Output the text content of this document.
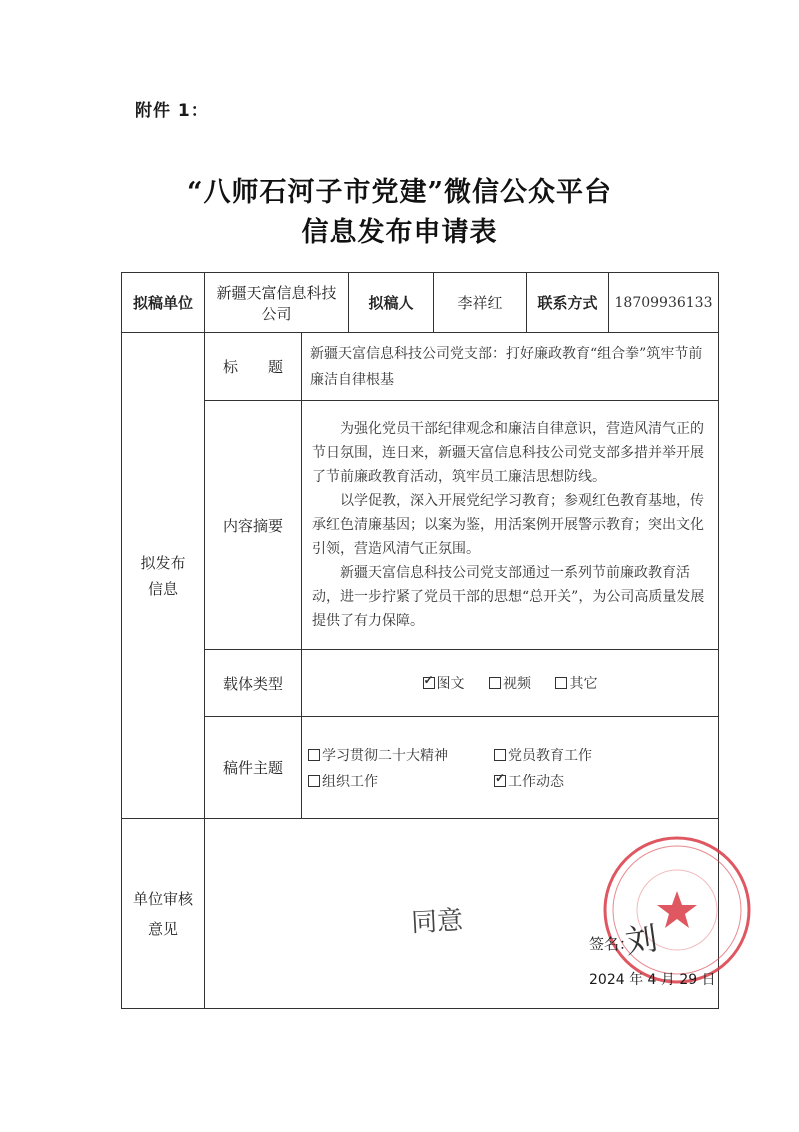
附件 1：
“八师石河子市党建”微信公众平台
信息发布申请表
拟稿单位	新疆天富信息科技公司		拟稿人	李祥红	联系方式	18709936133

拟发布信息	标　　题	新疆天富信息科技公司党支部：打好廉政教育“组合拳”筑牢节前廉洁自律根基				
	内容摘要	为强化党员干部纪律观念和廉洁自律意识，营造风清气正的节日氛围，连日来，新疆天富信息科技公司党支部多措并举开展了节前廉政教育活动，筑牢员工廉洁思想防线。

以学促教，深入开展党纪学习教育；参观红色教育基地，传承红色清廉基因；以案为鉴，用活案例开展警示教育；突出文化引领，营造风清气正氛围。

新疆天富信息科技公司党支部通过一系列节前廉政教育活动，进一步拧紧了党员干部的思想“总开关”，为公司高质量发展提供了有力保障。				

	载体类型	✓图文 视频 其它
	稿件主题	学习贯彻二十大精神 党员教育工作
组织工作 ✓ 工作动态

单位审核意见	同意
签名：
刘
2024 年 4 月 29 日					
